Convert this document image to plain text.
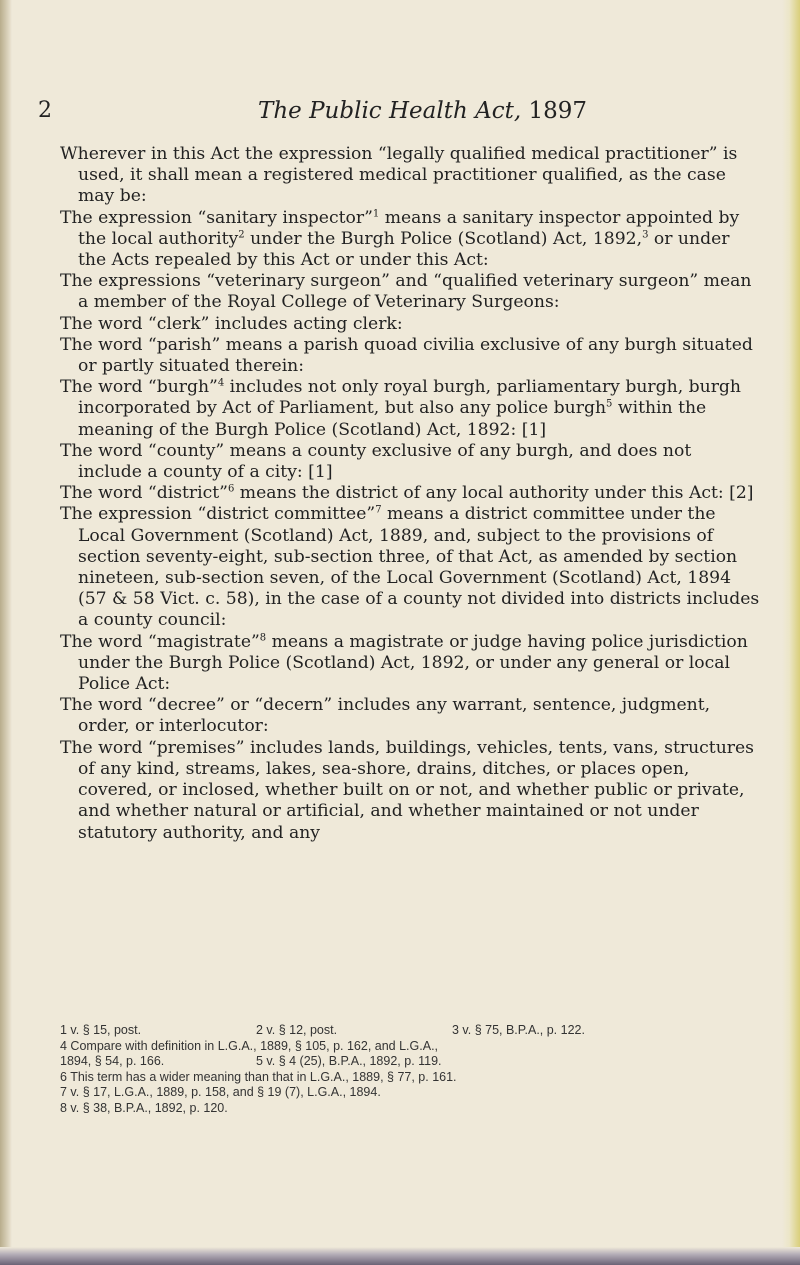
2	The Public Health Act, 1897

Wherever in this Act the expression “legally qualified medical practitioner” is used, it shall mean a registered medical practitioner qualified, as the case may be:

The expression “sanitary inspector”$^1$ means a sanitary inspector appointed by the local authority$^2$ under the Burgh Police (Scotland) Act, 1892,$^3$ or under the Acts repealed by this Act or under this Act:

The expressions “veterinary surgeon” and “qualified veterinary surgeon” mean a member of the Royal College of Veterinary Surgeons:

The word “clerk” includes acting clerk:

The word “parish” means a parish quoad civilia exclusive of any burgh situated or partly situated therein:

The word “burgh”$^4$ includes not only royal burgh, parliamentary burgh, burgh incorporated by Act of Parliament, but also any police burgh$^5$ within the meaning of the Burgh Police (Scotland) Act, 1892: [1]

The word “county” means a county exclusive of any burgh, and does not include a county of a city: [1]

The word “district”$^6$ means the district of any local authority under this Act: [2]

The expression “district committee”$^7$ means a district committee under the Local Government (Scotland) Act, 1889, and, subject to the provisions of section seventy-eight, sub-section three, of that Act, as amended by section nineteen, sub-section seven, of the Local Government (Scotland) Act, 1894 (57 & 58 Vict. c. 58), in the case of a county not divided into districts includes a county council:

The word “magistrate”$^8$ means a magistrate or judge having police jurisdiction under the Burgh Police (Scotland) Act, 1892, or under any general or local Police Act:

The word “decree” or “decern” includes any warrant, sentence, judgment, order, or interlocutor:

The word “premises” includes lands, buildings, vehicles, tents, vans, structures of any kind, streams, lakes, sea-shore, drains, ditches, or places open, covered, or inclosed, whether built on or not, and whether public or private, and whether natural or artificial, and whether maintained or not under statutory authority, and any

1 v. § 15, post.	2 v. § 12, post.	3 v. § 75, B.P.A., p. 122.
4 Compare with definition in L.G.A., 1889, § 105, p. 162, and L.G.A.,
1894, § 54, p. 166.	5 v. § 4 (25), B.P.A., 1892, p. 119.
6 This term has a wider meaning than that in L.G.A., 1889, § 77, p. 161.
7 v. § 17, L.G.A., 1889, p. 158, and § 19 (7), L.G.A., 1894.
8 v. § 38, B.P.A., 1892, p. 120.
